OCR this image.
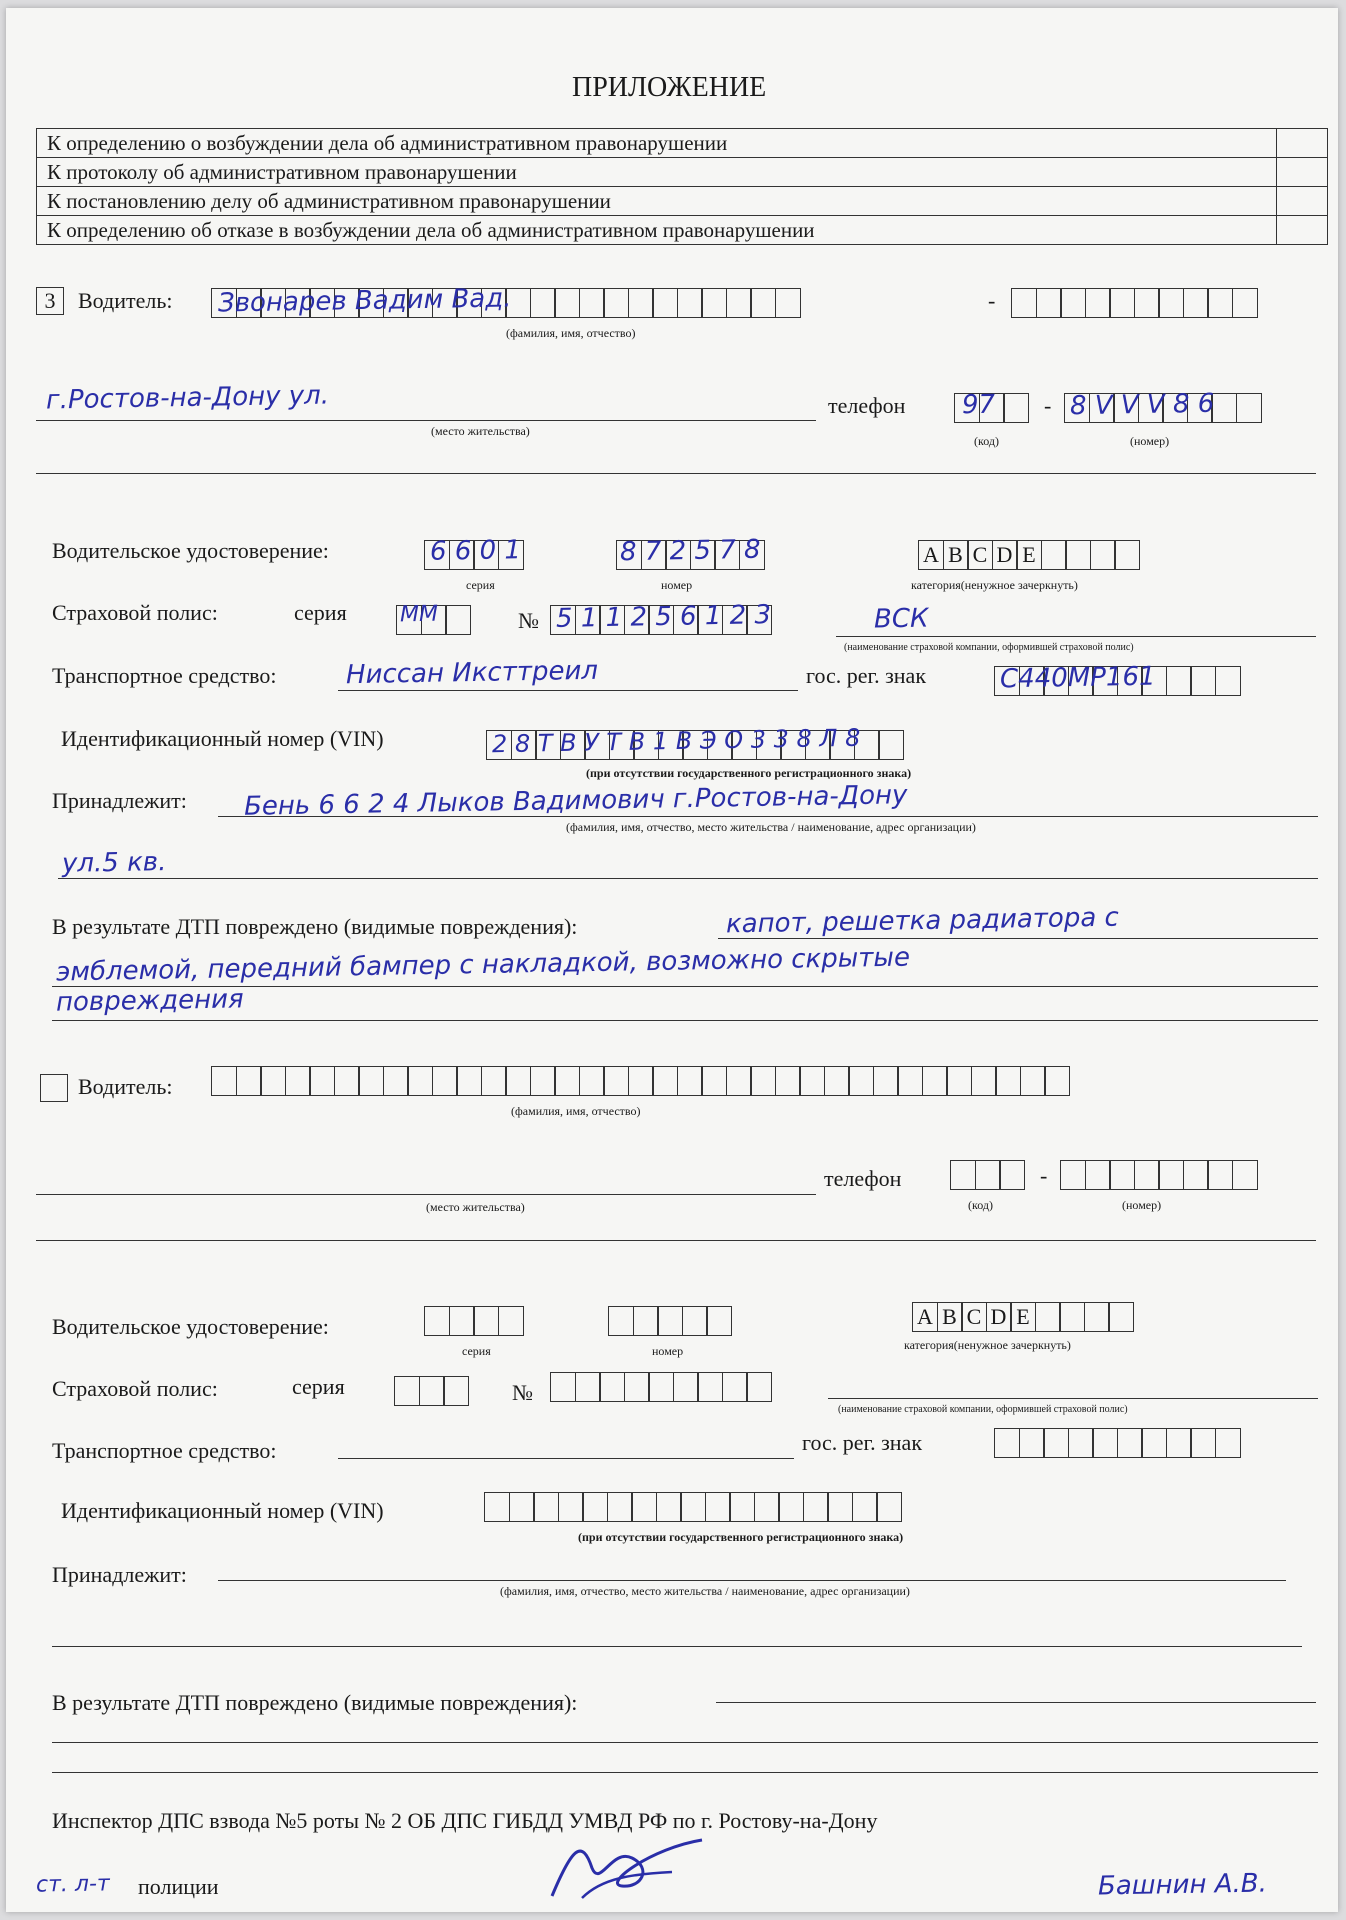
ПРИЛОЖЕНИЕ
К определению о возбуждении дела об административном правонарушении	
К протоколу об административном правонарушении	
К постановлению делу об административном правонарушении	
К определению об отказе в возбуждении дела об административном правонарушении	
3	Водитель:	-
Звонарев Вадим Вад.
(фамилия, имя, отчество)
г.Ростов-на-Дону ул.
(место жительства)
телефон 97 - 8 V V V 8 6
(код)	(номер)
Водительское удостоверение:	6 6 0 1	8 7 2 5 7 8
серия	номер
A B C D E
категория(ненужное зачеркнуть)
Страховой полис:	серия ММ	№ 5 1 1 2 5 6 1 2 3	ВСК
(наименование страховой компании, оформившей страховой полис)
Транспортное средство:	Ниссан Иксттреил	гос. рег. знак	С440МР161
Идентификационный номер (VIN)	2 8 Т В У Т В 1 В Э О 3 3 8 Л 8
(при отсутствии государственного регистрационного знака)
Принадлежит: Бень 6 6 2 4 Лыков Вадимович г.Ростов-на-Дону
(фамилия, имя, отчество, место жительства / наименование, адрес организации)
ул.5 кв.
В результате ДТП повреждено (видимые повреждения):	капот, решетка радиатора с
эмблемой, передний бампер с накладкой, возможно скрытые
повреждения
Водитель:
(фамилия, имя, отчество)
(место жительства)
телефон	-
(код)	(номер)
Водительское удостоверение:
серия	номер
A B C D E
категория(ненужное зачеркнуть)
Страховой полис:	серия	№
(наименование страховой компании, оформившей страховой полис)
Транспортное средство:	гос. рег. знак
Идентификационный номер (VIN)
(при отсутствии государственного регистрационного знака)
Принадлежит:
(фамилия, имя, отчество, место жительства / наименование, адрес организации)
В результате ДТП повреждено (видимые повреждения):
Инспектор ДПС взвода №5 роты № 2 ОБ ДПС ГИБДД УМВД РФ по г. Ростову-на-Дону
ст. л-т полиции	Башнин А.В.
